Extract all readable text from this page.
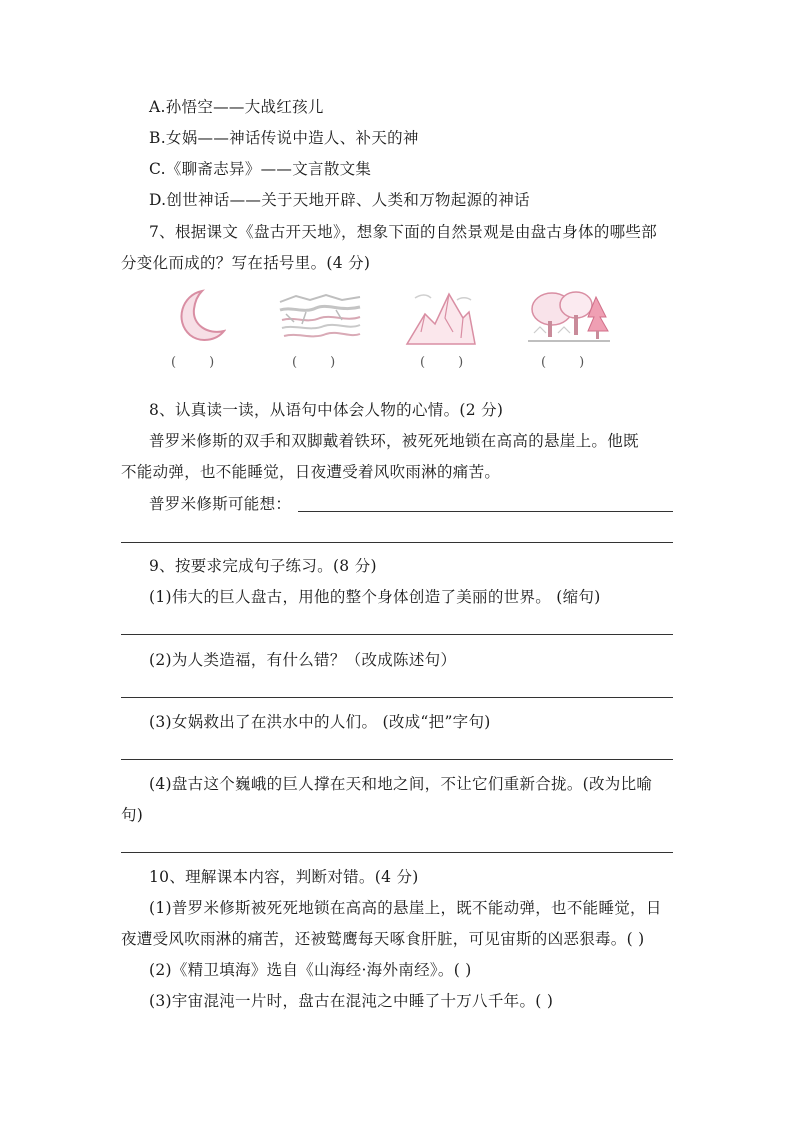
A.孙悟空——大战红孩儿
B.女娲——神话传说中造人、补天的神
C.《聊斋志异》——文言散文集
D.创世神话——关于天地开辟、人类和万物起源的神话
7、根据课文《盘古开天地》，想象下面的自然景观是由盘古身体的哪些部
分变化而成的？写在括号里。(4 分)
(        )	(        )	(        )	(        )
8、认真读一读，从语句中体会人物的心情。(2 分)
普罗米修斯的双手和双脚戴着铁环，被死死地锁在高高的悬崖上。他既
不能动弹，也不能睡觉，日夜遭受着风吹雨淋的痛苦。
普罗米修斯可能想：
9、按要求完成句子练习。(8 分)
(1)伟大的巨人盘古，用他的整个身体创造了美丽的世界。 (缩句)
(2)为人类造福，有什么错？（改成陈述句）
(3)女娲救出了在洪水中的人们。 (改成“把”字句)
(4)盘古这个巍峨的巨人撑在天和地之间，不让它们重新合拢。(改为比喻
句)
10、理解课本内容，判断对错。(4 分)
(1)普罗米修斯被死死地锁在高高的悬崖上，既不能动弹，也不能睡觉，日
夜遭受风吹雨淋的痛苦，还被鹫鹰每天啄食肝脏，可见宙斯的凶恶狠毒。( )
(2)《精卫填海》选自《山海经·海外南经》。( )
(3)宇宙混沌一片时，盘古在混沌之中睡了十万八千年。( )
